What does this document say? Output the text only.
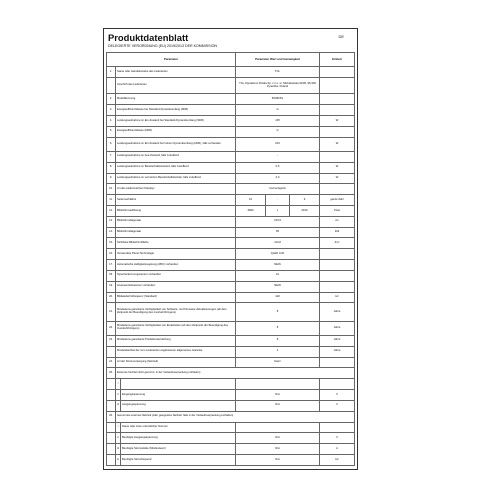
Produktdatenblatt	DE
DELEGIERTE VERORDNUNG (EU) 2019/2013 DER KOMMISSION
Parameter			Parameter Wert und Genauigkeit			Einheit
1.	Name oder Handelsmarke des Lieferanten		TCL			
	Anschrift des Lieferanten		TCL Operations Polska Sp. z o.o. ul. Michalowska 91/95, 96-300 Żyrardów, Poland			
2.	Modellkennung		65C815G			
3.	Energieeffizienzklasse bei Standard-Dynamikumfang (SDR)		G			
4.	Leistungsaufnahme im Ein-Zustand bei Standard-Dynamikumfang (SDR)		135			W
5.	Energieeffizienzklasse (HDR)		G			
6.	Leistungsaufnahme im Ein-Zustand bei hohem Dynamikumfang (HDR), falls vorhanden		204			W
7.	Leistungsaufnahme im Aus-Zustand, falls zutreffend		-			
8.	Leistungsaufnahme im Bereitschaftszustand, falls zutreffend		0,5			W
9.	Leistungsaufnahme im vernetzten Bereitschaftsbetrieb, falls zutreffend		2,0			W
10.	Art des elektronischen Displays		Fernsehgerät			
11.	Seitenverhältnis		16	:	9	ganze Zahl
12.	Bildschirmauflösung		3840	x	2160	Pixel
13.	Bildschirmdiagonale		163,9			cm
14.	Bildschirmdiagonale		65			Zoll
15.	Sichtbare Bildschirmfläche		114,8			dm²
16.	Verwendete Panel-Technologie		QLED LCD			
17.	Automatische Helligkeitsregelung (ABC) vorhanden		NEIN			
18.	Spracherkennungssensor vorhanden		JA			
19.	Anwesenheitssensor vorhanden		NEIN			
20.	Bildwiederholfrequenz (Standard)		120			Hz
21.	Mindestens garantierte Verfügbarkeit von Software- und Firmware-Aktualisierungen (ab dem Zeitpunkt der Beendigung des Inverkehrbringens)		8			Jahre
22.	Mindestens garantierte Verfügbarkeit von Ersatzteilen (ab dem Zeitpunkt der Beendigung des Inverkehrbringens)		8			Jahre
23.	Mindestens garantierte Produktunterstützung		8			Jahre
	Mindestlaufzeit der vom Lieferanten angebotenen allgemeinen Garantie		2			Jahre
24.	Art der Stromversorgung (Netzteil)		Intern			
25.	Externes Netzteil nicht genormt, in der Verkaufsverpackung enthalten)					
	i					
	ii	Eingangsspannung	N/A			V
	iii	Ausgangsspannung	N/A			V
26.	Genormtes externes Netzteil (oder geeignetes Netzteil, falls in der Verkaufsverpackung enthalten)					
	i	Name oder Liste unterstützter Normen				
	ii	Benötigte Ausgangsspannung	N/A			V
	iii	Benötigte Stromstärke (Mindestwert)	N/A			A
	iv	Benötigte Stromfrequenz	N/A			Hz
